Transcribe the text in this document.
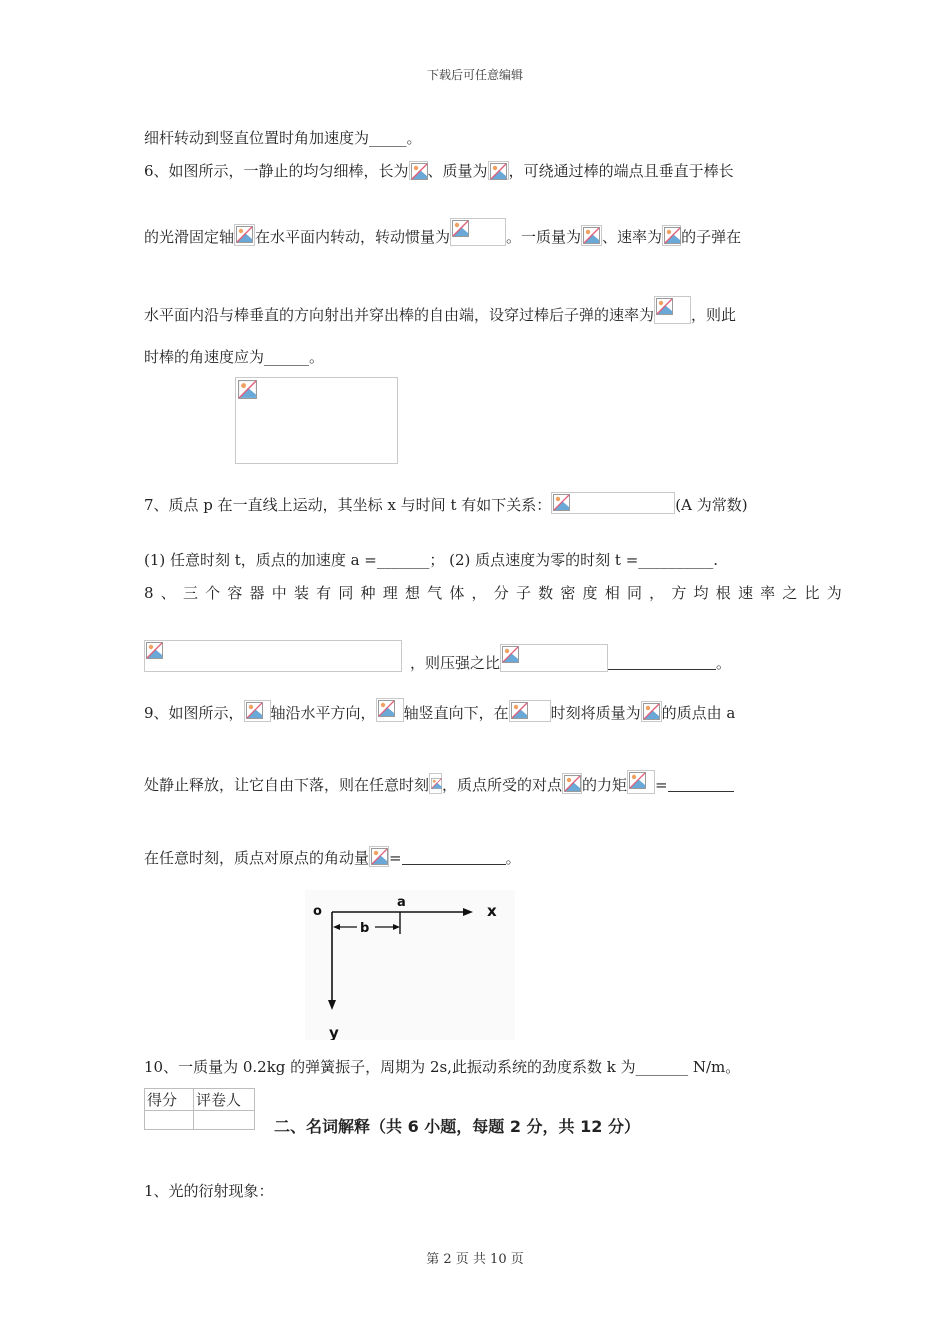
下载后可任意编辑
细杆转动到竖直位置时角加速度为_____。
6、如图所示，一静止的均匀细棒，长为 、质量为 ，可绕通过棒的端点且垂直于棒长
的光滑固定轴 在水平面内转动，转动惯量为	。一质量为 、速率为 的子弹在
水平面内沿与棒垂直的方向射出并穿出棒的自由端，设穿过棒后子弹的速率为 ，则此
时棒的角速度应为______。
7、质点 p 在一直线上运动，其坐标 x 与时间 t 有如下关系：	(A 为常数)
(1) 任意时刻 t，质点的加速度 a =_______； (2) 质点速度为零的时刻 t =__________.
8、三个容器中装有同种理想气体，分子数密度相同，方均根速率之比为
，则压强之比	。
9、如图所示， 轴沿水平方向， 轴竖直向下，在	时刻将质量为 的质点由 a
处静止释放，让它自由下落，则在任意时刻 ，质点所受的对点 的力矩 =
在任意时刻，质点对原点的角动量 =	。
o	x
a
b
y
10、一质量为 0.2kg 的弹簧振子，周期为 2s,此振动系统的劲度系数 k 为_______ N/m。
得分	评卷人

二、名词解释（共 6 小题，每题 2 分，共 12 分）
1、光的衍射现象：
第 2 页 共 10 页
